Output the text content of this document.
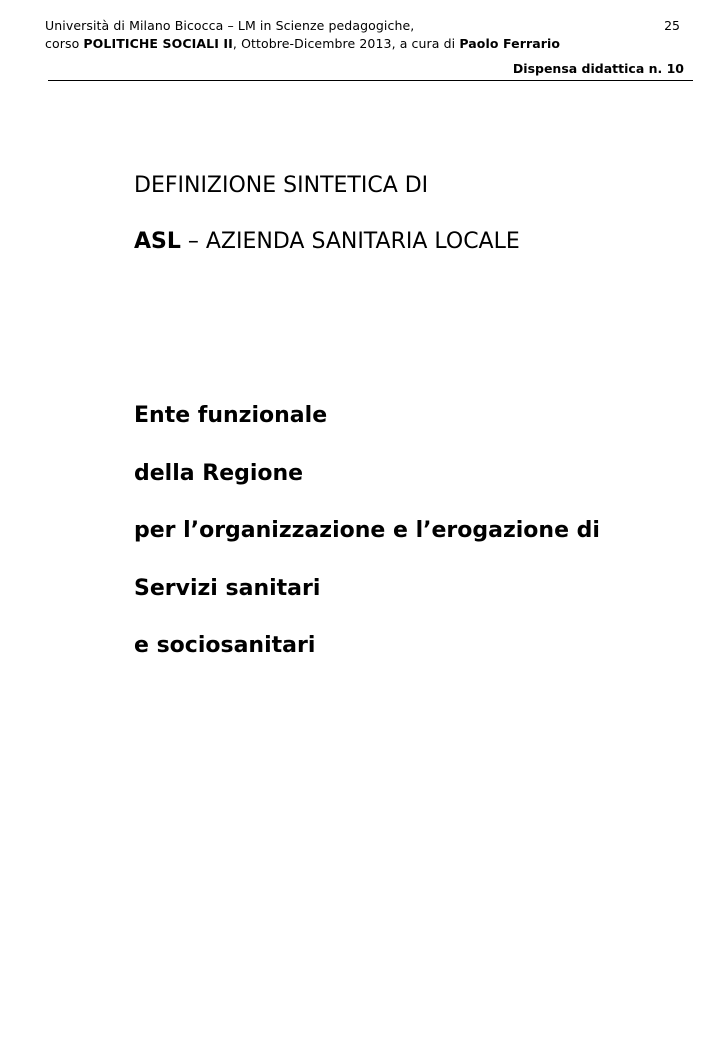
Università di Milano Bicocca – LM in Scienze pedagogiche,
corso POLITICHE SOCIALI II, Ottobre-Dicembre 2013, a cura di Paolo Ferrario
25
Dispensa didattica n. 10
DEFINIZIONE SINTETICA DI
ASL – AZIENDA SANITARIA LOCALE
Ente funzionale
della Regione
per l’organizzazione e l’erogazione di
Servizi sanitari
e sociosanitari
